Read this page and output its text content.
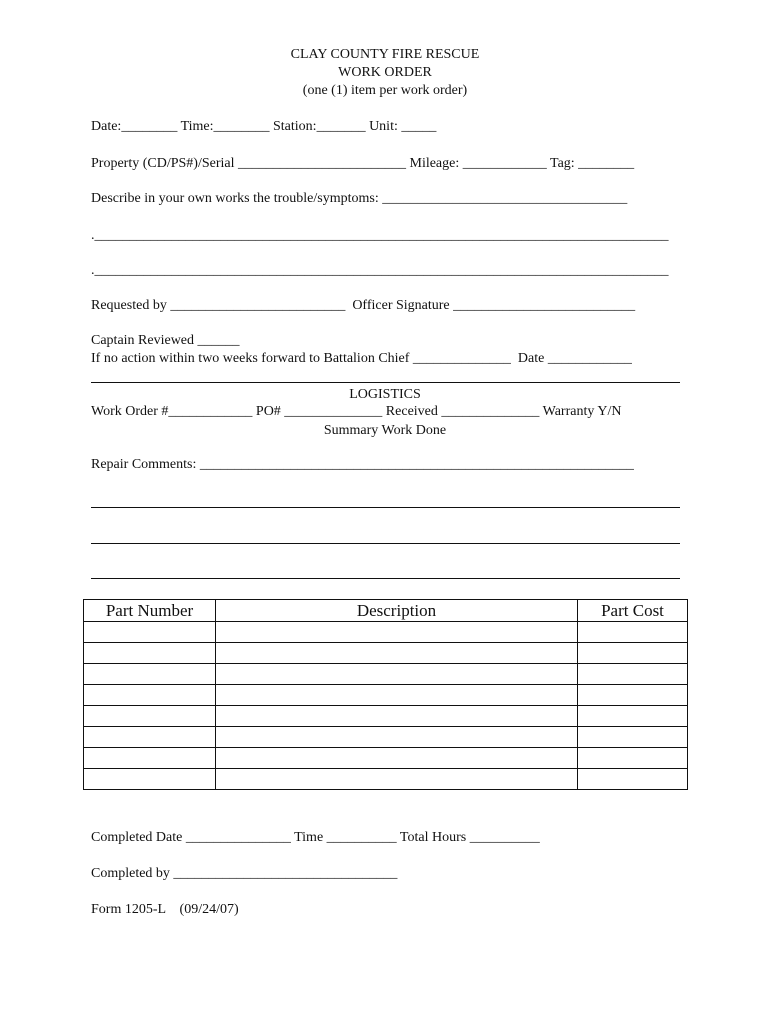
CLAY COUNTY FIRE RESCUE
WORK ORDER
(one (1) item per work order)
Date:________ Time:________ Station:_______ Unit: _____
Property (CD/PS#)/Serial ________________________ Mileage: ____________ Tag: ________
Describe in your own works the trouble/symptoms: ___________________________________
.__________________________________________________________________________________
.__________________________________________________________________________________
Requested by _________________________  Officer Signature __________________________
Captain Reviewed ______
If no action within two weeks forward to Battalion Chief ______________  Date ____________
LOGISTICS
Work Order #____________ PO# ______________ Received ______________ Warranty Y/N
Summary Work Done
Repair Comments: ______________________________________________________________
Part Number	Description	Part Cost

Completed Date _______________ Time __________ Total Hours __________
Completed by ________________________________
Form 1205-L    (09/24/07)
